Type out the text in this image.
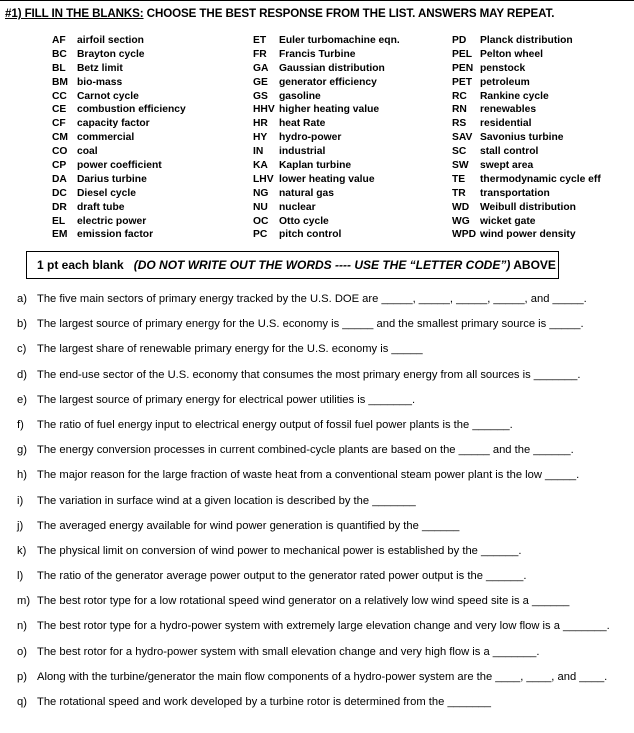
#1) FILL IN THE BLANKS: CHOOSE THE BEST RESPONSE FROM THE LIST. ANSWERS MAY REPEAT.
AF airfoil section
BC Brayton cycle
BL Betz limit
BM bio-mass
CC Carnot cycle
CE combustion efficiency
CF capacity factor
CM commercial
CO coal
CP power coefficient
DA Darius turbine
DC Diesel cycle
DR draft tube
EL electric power
EM emission factor
ET Euler turbomachine eqn.
FR Francis Turbine
GA Gaussian distribution
GE generator efficiency
GS gasoline
HHV higher heating value
HR heat Rate
HY hydro-power
IN industrial
KA Kaplan turbine
LHV lower heating value
NG natural gas
NU nuclear
OC Otto cycle
PC pitch control
PD Planck distribution
PEL Pelton wheel
PEN penstock
PET petroleum
RC Rankine cycle
RN renewables
RS residential
SAV Savonius turbine
SC stall control
SW swept area
TE thermodynamic cycle eff
TR transportation
WD Weibull distribution
WG wicket gate
WPD wind power density
1 pt each blank (DO NOT WRITE OUT THE WORDS ---- USE THE “LETTER CODE”) ABOVE
a) The five main sectors of primary energy tracked by the U.S. DOE are _____, _____, _____, _____, and _____.
b) The largest source of primary energy for the U.S. economy is _____ and the smallest primary source is _____.
c) The largest share of renewable primary energy for the U.S. economy is _____
d) The end-use sector of the U.S. economy that consumes the most primary energy from all sources is _______.
e) The largest source of primary energy for electrical power utilities is _______.
f) The ratio of fuel energy input to electrical energy output of fossil fuel power plants is the ______.
g) The energy conversion processes in current combined-cycle plants are based on the _____ and the ______.
h) The major reason for the large fraction of waste heat from a conventional steam power plant is the low _____.
i) The variation in surface wind at a given location is described by the _______
j) The averaged energy available for wind power generation is quantified by the ______
k) The physical limit on conversion of wind power to mechanical power is established by the ______.
l) The ratio of the generator average power output to the generator rated power output is the ______.
m) The best rotor type for a low rotational speed wind generator on a relatively low wind speed site is a ______
n) The best rotor type for a hydro-power system with extremely large elevation change and very low flow is a _______.
o) The best rotor for a hydro-power system with small elevation change and very high flow is a _______.
p) Along with the turbine/generator the main flow components of a hydro-power system are the ____, ____, and ____.
q) The rotational speed and work developed by a turbine rotor is determined from the _______
